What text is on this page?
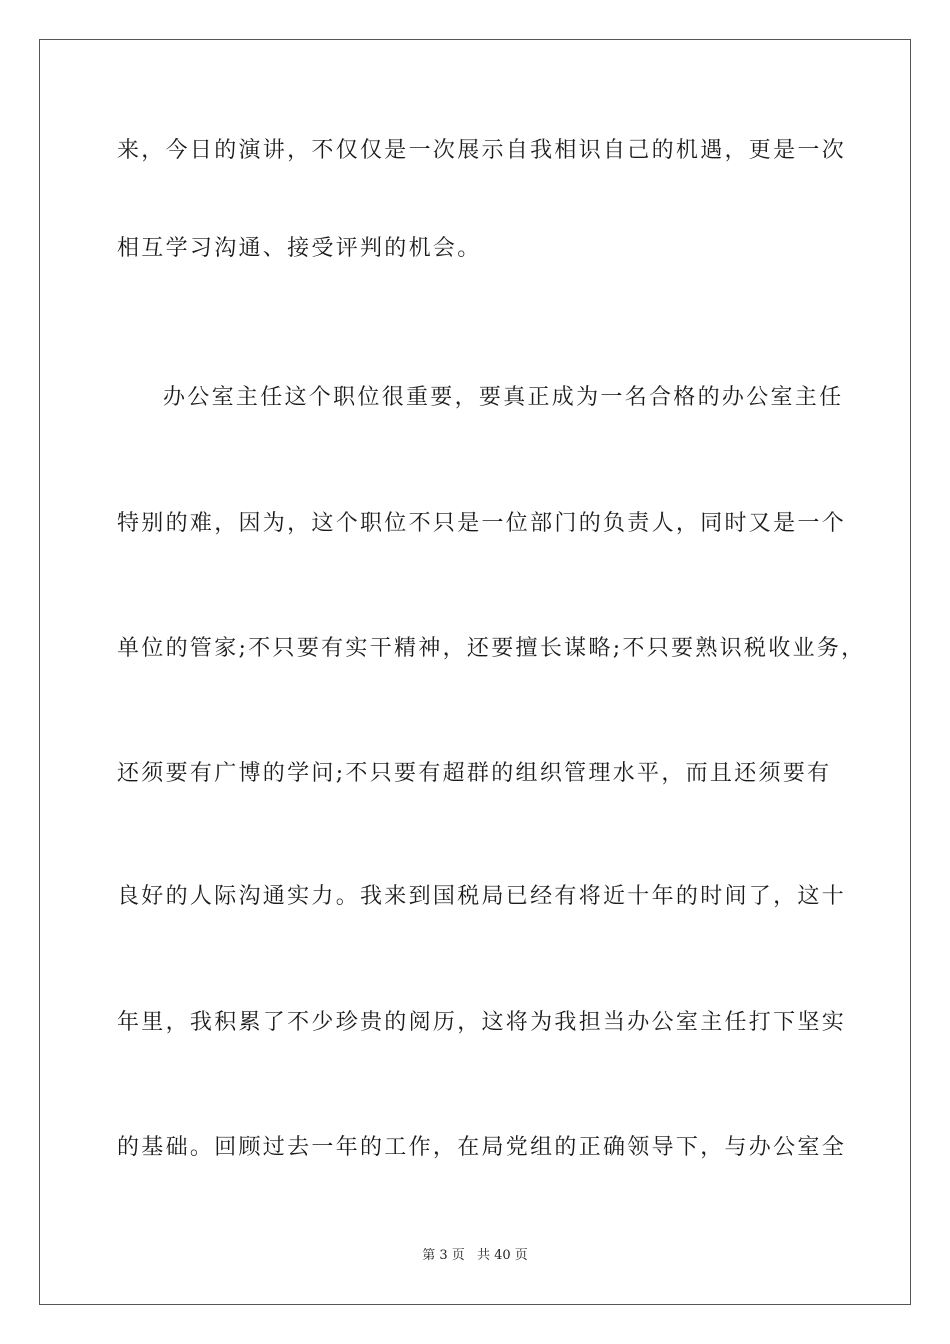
来，今日的演讲，不仅仅是一次展示自我相识自己的机遇，更是一次
相互学习沟通、接受评判的机会。
办公室主任这个职位很重要，要真正成为一名合格的办公室主任
特别的难，因为，这个职位不只是一位部门的负责人，同时又是一个
单位的管家;不只要有实干精神，还要擅长谋略;不只要熟识税收业务，
还须要有广博的学问;不只要有超群的组织管理水平，而且还须要有
良好的人际沟通实力。我来到国税局已经有将近十年的时间了，这十
年里，我积累了不少珍贵的阅历，这将为我担当办公室主任打下坚实
的基础。回顾过去一年的工作，在局党组的正确领导下，与办公室全
第 3 页 共 40 页
